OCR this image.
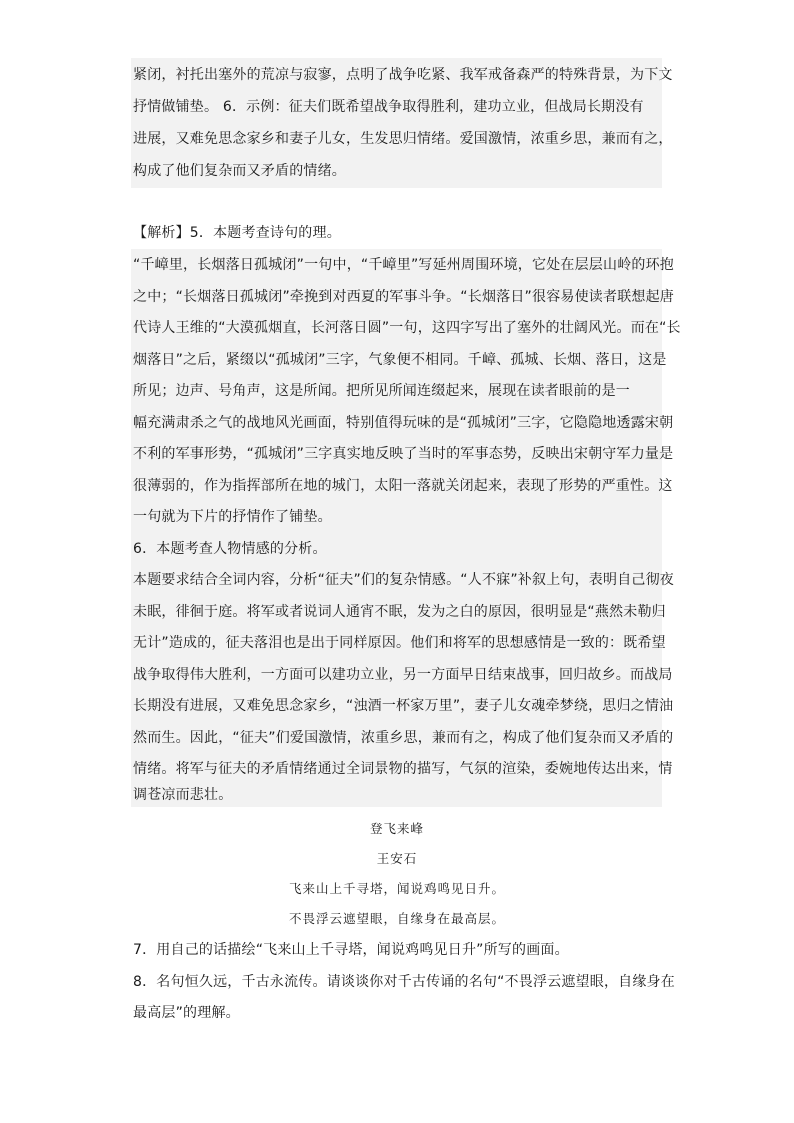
紧闭，衬托出塞外的荒凉与寂寥，点明了战争吃紧、我军戒备森严的特殊背景，为下文
抒情做铺垫。 6．示例：征夫们既希望战争取得胜利，建功立业，但战局长期没有
进展，又难免思念家乡和妻子儿女，生发思归情绪。爱国激情，浓重乡思，兼而有之，
构成了他们复杂而又矛盾的情绪。
【解析】5．本题考查诗句的理。
“千嶂里，长烟落日孤城闭”一句中，“千嶂里”写延州周围环境，它处在层层山岭的环抱
之中；“长烟落日孤城闭”牵挽到对西夏的军事斗争。“长烟落日”很容易使读者联想起唐
代诗人王维的“大漠孤烟直，长河落日圆”一句，这四字写出了塞外的壮阔风光。而在“长
烟落日”之后，紧缀以“孤城闭”三字，气象便不相同。千嶂、孤城、长烟、落日，这是
所见；边声、号角声，这是所闻。把所见所闻连缀起来，展现在读者眼前的是一
幅充满肃杀之气的战地风光画面，特别值得玩味的是“孤城闭”三字，它隐隐地透露宋朝
不利的军事形势，“孤城闭”三字真实地反映了当时的军事态势，反映出宋朝守军力量是
很薄弱的，作为指挥部所在地的城门，太阳一落就关闭起来，表现了形势的严重性。这
一句就为下片的抒情作了铺垫。
6．本题考查人物情感的分析。
本题要求结合全词内容，分析“征夫”们的复杂情感。“人不寐”补叙上句，表明自己彻夜
未眠，徘徊于庭。将军或者说词人通宵不眠，发为之白的原因，很明显是“燕然未勒归
无计”造成的，征夫落泪也是出于同样原因。他们和将军的思想感情是一致的：既希望
战争取得伟大胜利，一方面可以建功立业，另一方面早日结束战事，回归故乡。而战局
长期没有进展，又难免思念家乡，“浊酒一杯家万里”，妻子儿女魂牵梦绕，思归之情油
然而生。因此，“征夫”们爱国激情，浓重乡思，兼而有之，构成了他们复杂而又矛盾的
情绪。将军与征夫的矛盾情绪通过全词景物的描写，气氛的渲染，委婉地传达出来，情
调苍凉而悲壮。
登飞来峰
王安石
飞来山上千寻塔，闻说鸡鸣见日升。
不畏浮云遮望眼，自缘身在最高层。
7．用自己的话描绘“飞来山上千寻塔，闻说鸡鸣见日升”所写的画面。
8．名句恒久远，千古永流传。请谈谈你对千古传诵的名句“不畏浮云遮望眼，自缘身在
最高层”的理解。
